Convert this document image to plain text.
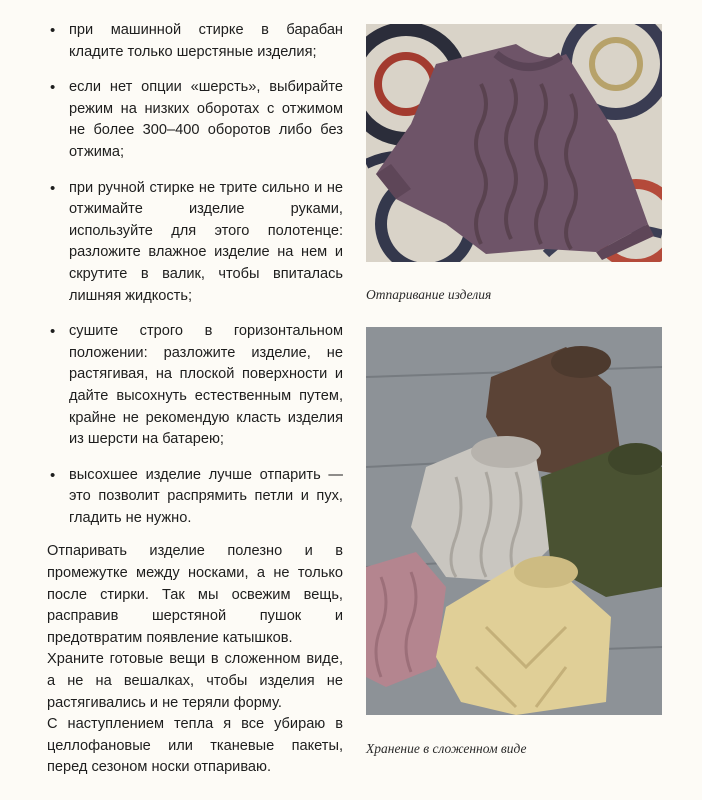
• при машинной стирке в барабан кладите только шерстяные изделия;
• если нет опции «шерсть», выбирайте режим на низких оборотах с отжимом не более 300–400 оборотов либо без отжима;
• при ручной стирке не трите сильно и не отжимайте изделие руками, используйте для этого полотенце: разложите влажное изделие на нем и скрутите в валик, чтобы впиталась лишняя жидкость;
• сушите строго в горизонтальном положении: разложите изделие, не растягивая, на плоской поверхности и дайте высохнуть естественным путем, крайне не рекомендую класть изделия из шерсти на батарею;
• высохшее изделие лучше отпарить — это позволит распрямить петли и пух, гладить не нужно.

Отпаривать изделие полезно и в промежутке между носками, а не только после стирки. Так мы освежим вещь, расправив шерстяной пушок и предотвратим появление катышков.

Храните готовые вещи в сложенном виде, а не на вешалках, чтобы изделия не растягивались и не теряли форму.

С наступлением тепла я все убираю в целлофановые или тканевые пакеты, перед сезоном носки отпариваю.

Отпаривание изделия
Хранение в сложенном виде
